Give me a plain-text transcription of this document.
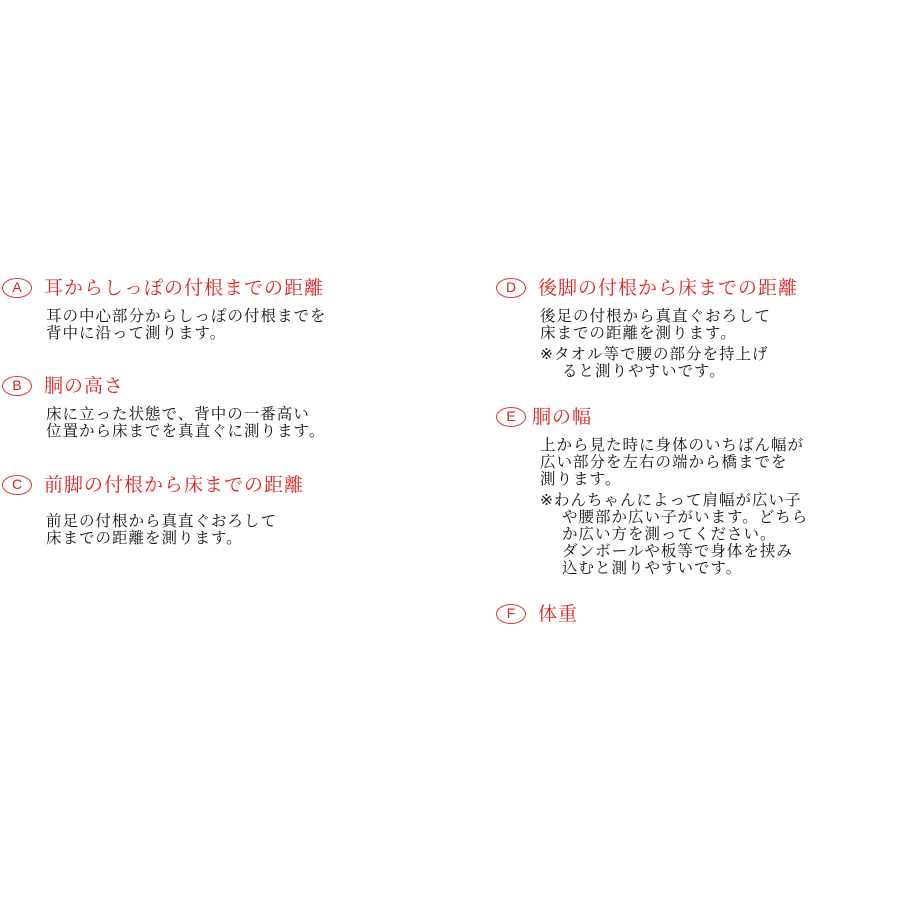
A	耳からしっぽの付根までの距離
耳の中心部分からしっぽの付根までを
背中に沿って測ります。
B	胴の高さ
床に立った状態で、背中の一番高い
位置から床までを真直ぐに測ります。
C	前脚の付根から床までの距離
前足の付根から真直ぐおろして
床までの距離を測ります。
D	後脚の付根から床までの距離
後足の付根から真直ぐおろして
床までの距離を測ります。
※タオル等で腰の部分を持上げ
ると測りやすいです。
E 胴の幅
上から見た時に身体のいちばん幅が
広い部分を左右の端から橋までを
測ります。
※わんちゃんによって肩幅が広い子
や腰部か広い子がいます。どちら
か広い方を測ってください。
ダンボールや板等で身体を挟み
込むと測りやすいです。
F	体重
